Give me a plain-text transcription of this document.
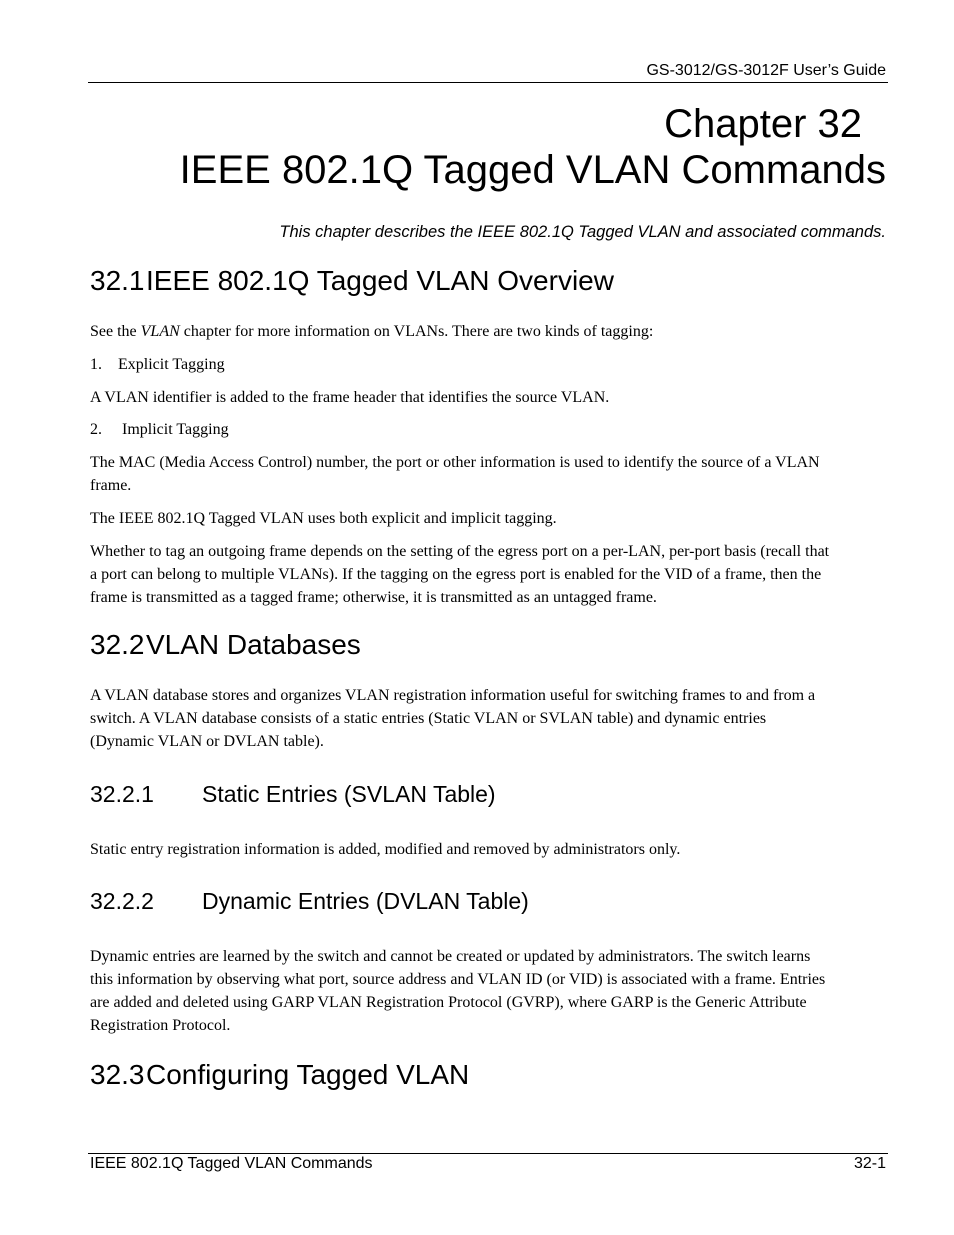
GS-3012/GS-3012F User’s Guide
Chapter 32
IEEE 802.1Q Tagged VLAN Commands
This chapter describes the IEEE 802.1Q Tagged VLAN and associated commands.
32.1IEEE 802.1Q Tagged VLAN Overview
See the VLAN chapter for more information on VLANs. There are two kinds of tagging:
1. Explicit Tagging
A VLAN identifier is added to the frame header that identifies the source VLAN.
2. Implicit Tagging
The MAC (Media Access Control) number, the port or other information is used to identify the source of a VLAN
frame.
The IEEE 802.1Q Tagged VLAN uses both explicit and implicit tagging.
Whether to tag an outgoing frame depends on the setting of the egress port on a per-LAN, per-port basis (recall that
a port can belong to multiple VLANs). If the tagging on the egress port is enabled for the VID of a frame, then the
frame is transmitted as a tagged frame; otherwise, it is transmitted as an untagged frame.
32.2VLAN Databases
A VLAN database stores and organizes VLAN registration information useful for switching frames to and from a
switch. A VLAN database consists of a static entries (Static VLAN or SVLAN table) and dynamic entries
(Dynamic VLAN or DVLAN table).
32.2.1 Static Entries (SVLAN Table)
Static entry registration information is added, modified and removed by administrators only.
32.2.2 Dynamic Entries (DVLAN Table)
Dynamic entries are learned by the switch and cannot be created or updated by administrators. The switch learns
this information by observing what port, source address and VLAN ID (or VID) is associated with a frame. Entries
are added and deleted using GARP VLAN Registration Protocol (GVRP), where GARP is the Generic Attribute
Registration Protocol.
32.3Configuring Tagged VLAN
IEEE 802.1Q Tagged VLAN Commands	32-1
